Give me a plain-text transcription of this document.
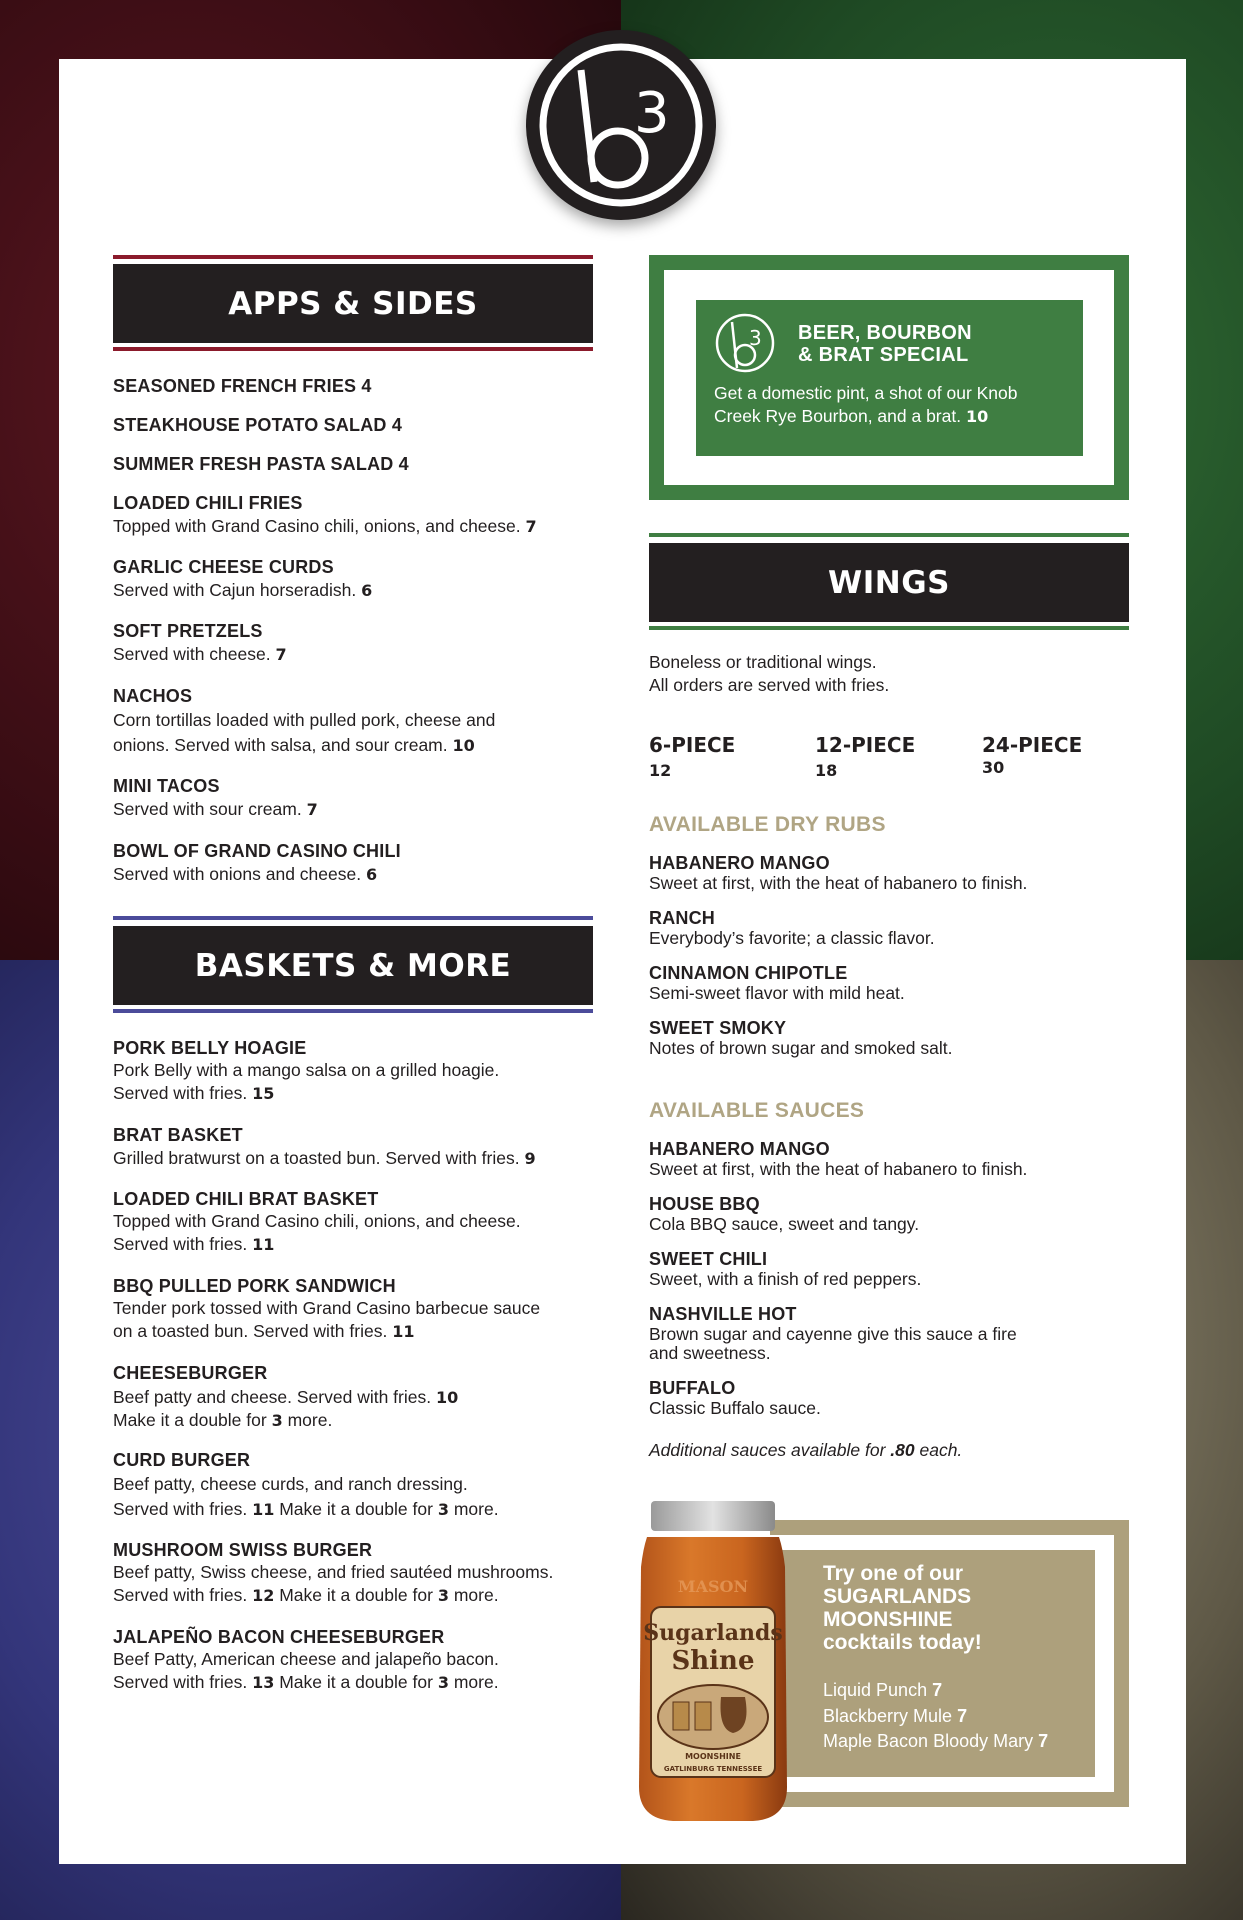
3
APPS & SIDES
SEASONED FRENCH FRIES 4
STEAKHOUSE POTATO SALAD 4
SUMMER FRESH PASTA SALAD 4
LOADED CHILI FRIES
Topped with Grand Casino chili, onions, and cheese. 7
GARLIC CHEESE CURDS
Served with Cajun horseradish. 6
SOFT PRETZELS
Served with cheese. 7
NACHOS
Corn tortillas loaded with pulled pork, cheese and
onions. Served with salsa, and sour cream. 10
MINI TACOS
Served with sour cream. 7
BOWL OF GRAND CASINO CHILI
Served with onions and cheese. 6
BASKETS & MORE
PORK BELLY HOAGIE
Pork Belly with a mango salsa on a grilled hoagie.
Served with fries. 15
BRAT BASKET
Grilled bratwurst on a toasted bun. Served with fries. 9
LOADED CHILI BRAT BASKET
Topped with Grand Casino chili, onions, and cheese.
Served with fries. 11
BBQ PULLED PORK SANDWICH
Tender pork tossed with Grand Casino barbecue sauce
on a toasted bun. Served with fries. 11
CHEESEBURGER
Beef patty and cheese. Served with fries. 10
Make it a double for 3 more.
CURD BURGER
Beef patty, cheese curds, and ranch dressing.
Served with fries. 11 Make it a double for 3 more.
MUSHROOM SWISS BURGER
Beef patty, Swiss cheese, and fried sautéed mushrooms.
Served with fries. 12 Make it a double for 3 more.
JALAPEÑO BACON CHEESEBURGER
Beef Patty, American cheese and jalapeño bacon.
Served with fries. 13 Make it a double for 3 more.
3 BEER, BOURBON
& BRAT SPECIAL
Get a domestic pint, a shot of our Knob
Creek Rye Bourbon, and a brat. 10
WINGS
Boneless or traditional wings.
All orders are served with fries.
6-PIECE
12
12-PIECE
18
24-PIECE
30
AVAILABLE DRY RUBS
HABANERO MANGO
Sweet at first, with the heat of habanero to finish.
RANCH
Everybody’s favorite; a classic flavor.
CINNAMON CHIPOTLE
Semi-sweet flavor with mild heat.
SWEET SMOKY
Notes of brown sugar and smoked salt.
AVAILABLE SAUCES
HABANERO MANGO
Sweet at first, with the heat of habanero to finish.
HOUSE BBQ
Cola BBQ sauce, sweet and tangy.
SWEET CHILI
Sweet, with a finish of red peppers.
NASHVILLE HOT
Brown sugar and cayenne give this sauce a fire
and sweetness.
BUFFALO
Classic Buffalo sauce.
Additional sauces available for .80 each.
Try one of our
SUGARLANDS
MOONSHINE
cocktails today!
Liquid Punch 7
Blackberry Mule 7
Maple Bacon Bloody Mary 7
MASON
Sugarlands
Shine
MOONSHINE
GATLINBURG TENNESSEE
